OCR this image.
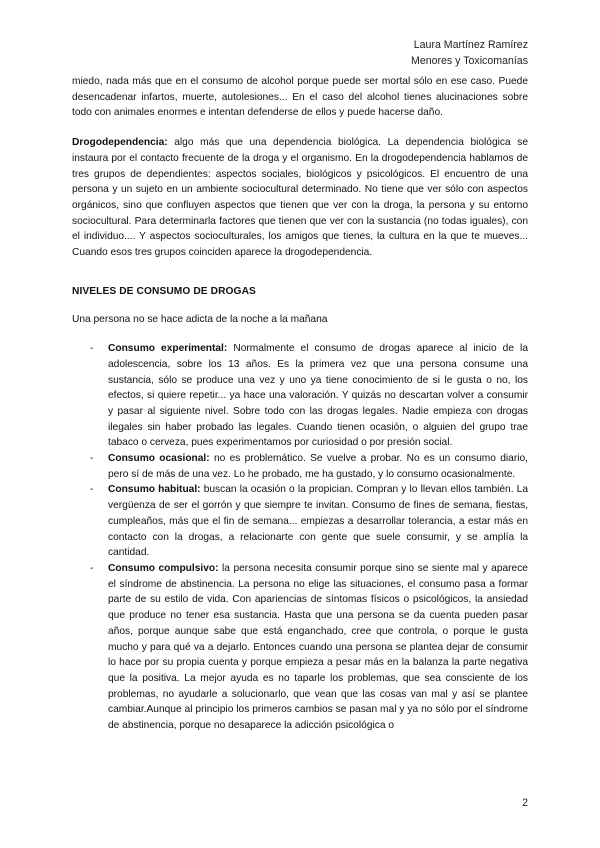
Laura Martínez Ramírez
Menores y Toxicomanías

miedo, nada más que en el consumo de alcohol porque puede ser mortal sólo en ese caso. Puede desencadenar infartos, muerte, autolesiones... En el caso del alcohol tienes alucinaciones sobre todo con animales enormes e intentan defenderse de ellos y puede hacerse daño.

Drogodependencia: algo más que una dependencia biológica. La dependencia biológica se instaura por el contacto frecuente de la droga y el organismo. En la drogodependencia hablamos de tres grupos de dependientes: aspectos sociales, biológicos y psicológicos. El encuentro de una persona y un sujeto en un ambiente sociocultural determinado. No tiene que ver sólo con aspectos orgánicos, sino que confluyen aspectos que tienen que ver con la droga, la persona y su entorno sociocultural. Para determinarla factores que tienen que ver con la sustancia (no todas iguales), con el individuo.... Y aspectos socioculturales, los amigos que tienes, la cultura en la que te mueves... Cuando esos tres grupos coinciden aparece la drogodependencia.

NIVELES DE CONSUMO DE DROGAS

Una persona no se hace adicta de la noche a la mañana

- Consumo experimental: Normalmente el consumo de drogas aparece al inicio de la adolescencia, sobre los 13 años. Es la primera vez que una persona consume una sustancia, sólo se produce una vez y uno ya tiene conocimiento de si le gusta o no, los efectos, si quiere repetir... ya hace una valoración. Y quizás no descartan volver a consumir y pasar al siguiente nivel. Sobre todo con las drogas legales. Nadie empieza con drogas ilegales sin haber probado las legales. Cuando tienen ocasión, o alguien del grupo trae tabaco o cerveza, pues experimentamos por curiosidad o por presión social.
- Consumo ocasional: no es problemático. Se vuelve a probar. No es un consumo diario, pero sí de más de una vez. Lo he probado, me ha gustado, y lo consumo ocasionalmente.
- Consumo habitual: buscan la ocasión o la propician. Compran y lo llevan ellos también. La vergüenza de ser el gorrón y que siempre te invitan. Consumo de fines de semana, fiestas, cumpleaños, más que el fin de semana... empiezas a desarrollar tolerancia, a estar más en contacto con la drogas, a relacionarte con gente que suele consumir, y se amplía la cantidad.
- Consumo compulsivo: la persona necesita consumir porque sino se siente mal y aparece el síndrome de abstinencia. La persona no elige las situaciones, el consumo pasa a formar parte de su estilo de vida. Con apariencias de síntomas físicos o psicológicos, la ansiedad que produce no tener esa sustancia. Hasta que una persona se da cuenta pueden pasar años, porque aunque sabe que está enganchado, cree que controla, o porque le gusta mucho y para qué va a dejarlo. Entonces cuando una persona se plantea dejar de consumir lo hace por su propia cuenta y porque empieza a pesar más en la balanza la parte negativa que la positiva. La mejor ayuda es no taparle los problemas, que sea consciente de los problemas, no ayudarle a solucionarlo, que vean que las cosas van mal y así se plantee cambiar.Aunque al principio los primeros cambios se pasan mal y ya no sólo por el síndrome de abstinencia, porque no desaparece la adicción psicológica o
2
